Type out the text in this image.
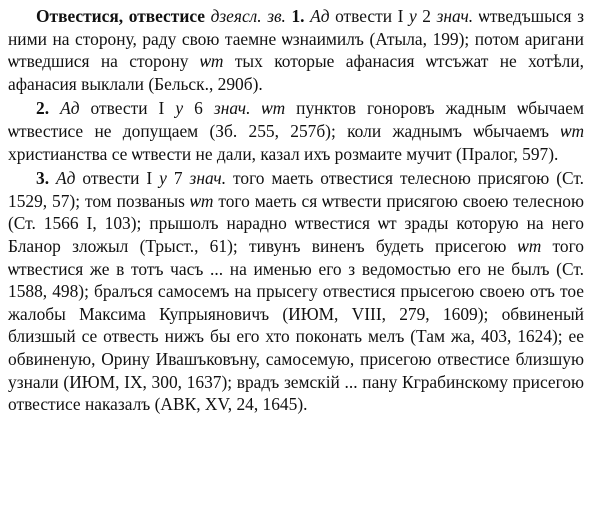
Отвестися, отвестисе дзеясл. зв. 1. Ад отвести I у 2 знач. ѡтведъшыся з ними на сторону, раду свою таемне ѡзнаимилъ (Атыла, 199); потом аригани ѡтведшися на сторону ѡт тых которые афанасия ѡтсъжат не хотѣли, афанасия выклали (Бельск., 290б).

2. Ад отвести I у 6 знач. ѡт пунктов гоноровъ жадным ѡбычаем ѡтвестисе не допущаем (Зб. 255, 257б); коли жаднымъ ѡбычаемъ ѡт христианства се ѡтвести не дали, казал ихъ розмаите мучит (Пралог, 597).

3. Ад отвести I у 7 знач. того маеть отвестися телесною присягою (Ст. 1529, 57); том позваныѕ ѡт того маеть ся ѡтвести присягою своею телесною (Ст. 1566 I, 103); прышолъ нарадно ѡтвестися ѡт зрады которую на него Бланор зложыл (Трыст., 61); тивунъ виненъ будеть присегою ѡт того ѡтвестися же в тотъ часъ ... на именью его з ведомостью его не былъ (Ст. 1588, 498); бралъся самосемъ на прысегу отвестися прысегою своею отъ тое жалобы Максима Купрыяновичъ (ИЮМ, VIII, 279, 1609); обвиненый близшый се отвесть нижъ бы его хто поконать мелъ (Там жа, 403, 1624); ее обвиненую, Орину Ивашъковъну, самосемую, присегою отвестисе близшую узнали (ИЮМ, IX, 300, 1637); врадъ земскій ... пану Кграбинскому присегою отвестисе наказалъ (АВК, XV, 24, 1645).
